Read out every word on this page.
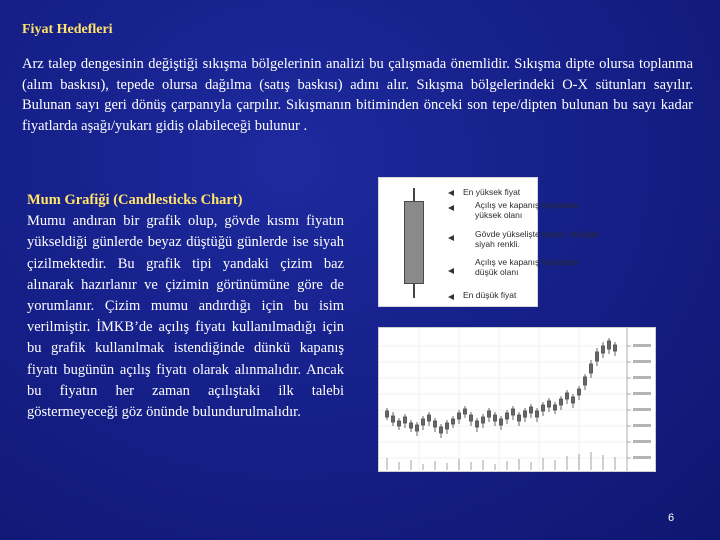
Fiyat Hedefleri

Arz talep dengesinin değiştiği sıkışma bölgelerinin analizi bu çalışmada önemlidir. Sıkışma dipte olursa toplanma (alım baskısı), tepede olursa dağılma (satış baskısı) adını alır. Sıkışma bölgelerindeki O-X sütunları sayılır. Bulunan sayı geri dönüş çarpanıyla çarpılır. Sıkışmanın bitiminden önceki son tepe/dipten bulunan bu sayı kadar fiyatlarda aşağı/yukarı gidiş olabileceği bulunur .

Mum Grafiği (Candlesticks Chart)
Mumu andıran bir grafik olup, gövde kısmı fiyatın yükseldiği günlerde beyaz düştüğü günlerde ise siyah çizilmektedir. Bu grafik tipi yandaki çizim baz alınarak hazırlanır ve çizimin görünümüne göre de yorumlanır. Çizim mumu andırdığı için bu isim verilmiştir. İMKB’de açılış fiyatı kullanılmadığı için bu grafik kullanılmak istendiğinde dünkü kapanış fiyatı bugünün açılış fiyatı olarak alınmalıdır. Ancak bu fiyatın her zaman açılıştaki ilk talebi göstermeyeceği göz önünde bulundurulmalıdır.
En yüksek fiyat
Açılış ve kapanış fiyatından
yüksek olanı
Gövde yükselişte beyaz, düşüşte
siyah renkli.
Açılış ve kapanış fiyatından
düşük olanı
En düşük fiyat
6
